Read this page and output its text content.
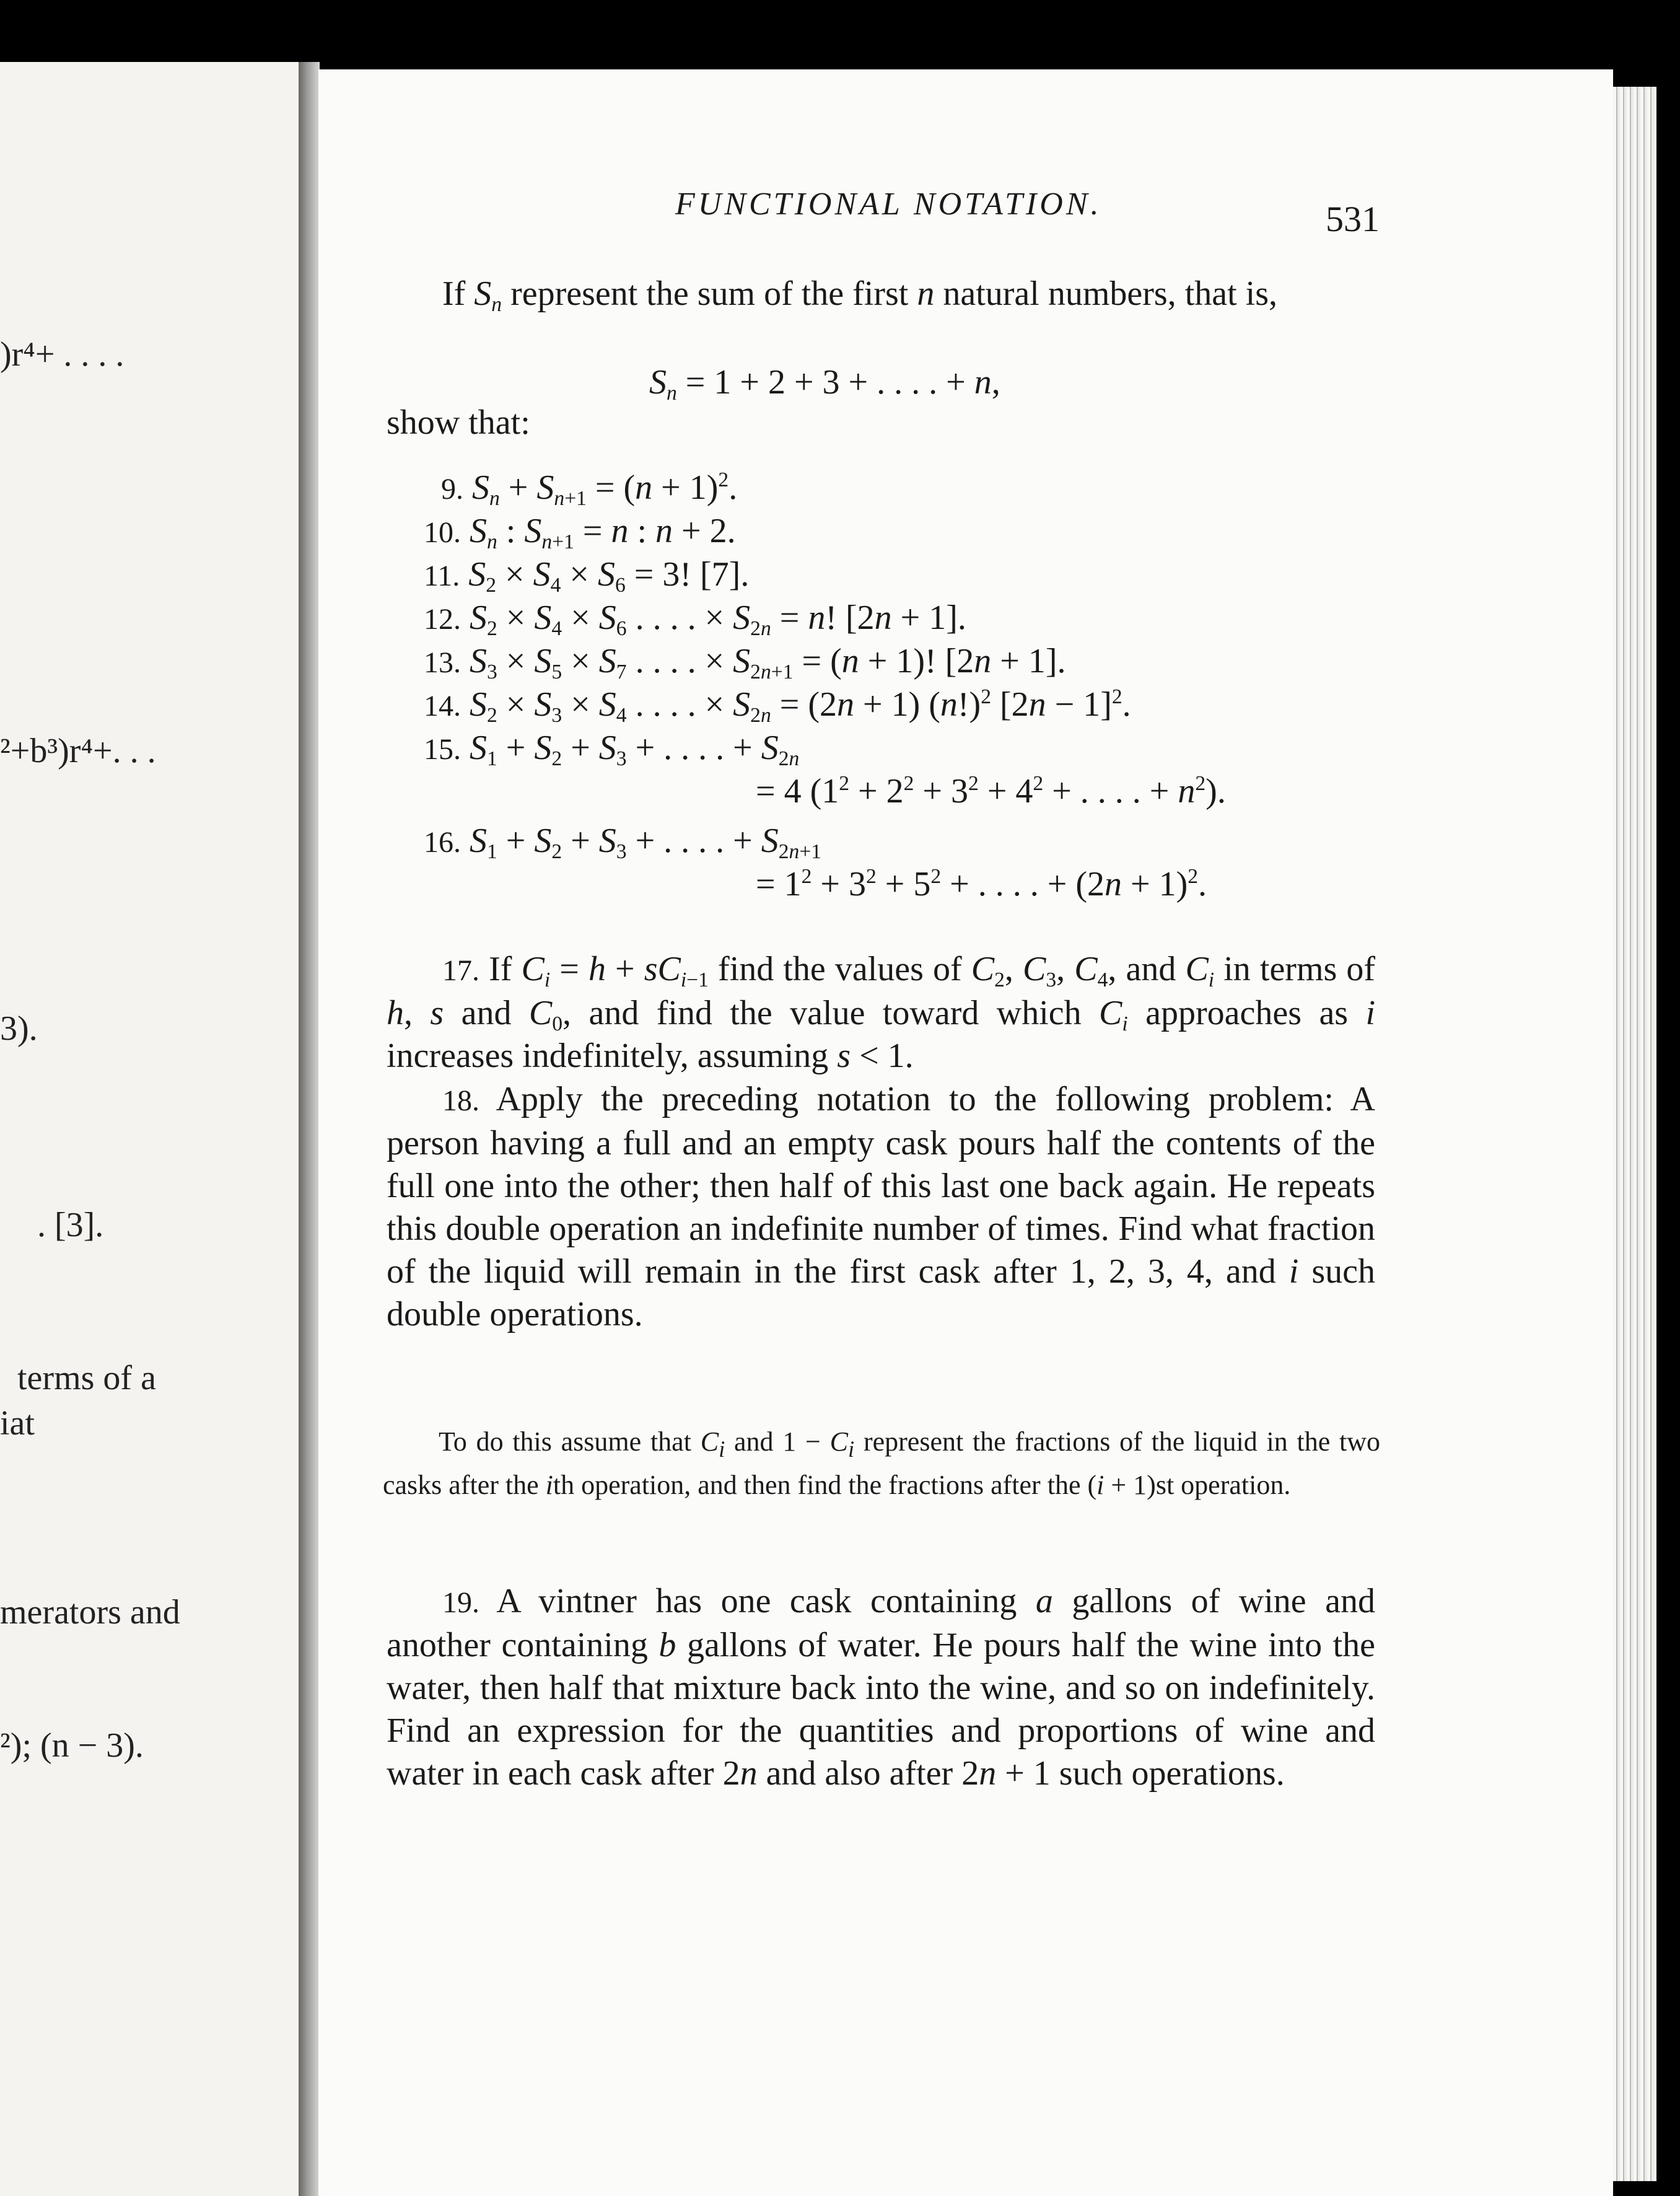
)r⁴+ . . . .
²+b³)r⁴+. . .
3).
. [3].
terms of a
iat
merators and
²); (n − 3).
FUNCTIONAL NOTATION.	531
If $S_n$ represent the sum of the first n natural numbers, that is,
$S_n = 1 + 2 + 3$ + . . . . + n,
show that:
9. $S_n + S_{n+1} = (n + 1)^2$.
10. $S_n$ : $S_{n+1} = n$ : n + 2.
11. $S_2 \times S_4 \times S_6 = 3$! [7].
12. $S_2 \times S_4 \times S_6$ . . . . × $S_{2n} = n$! [2n + 1].
13. $S_3 \times S_5 \times S_7$ . . . . × $S_{2n+1} = (n + 1)$! [2n + 1].
14. $S_2 \times S_3 \times S_4$ . . . . × $S_{2n} = (2n + 1)$ $(n!)^2$ $[2n - 1]^2$.
15. $S_1 + S_2 + S_3$ + . . . . + $S_{2n}$
= 4 ($1^2 + 2^2 + 3^2 + 4^2$ + . . . . + $n^2$).
16. $S_1 + S_2 + S_3$ + . . . . + $S_{2n+1}$
= $1^2 + 3^2 + 5^2$ + . . . . + $(2n + 1)^2$.
17. If $C_i = h + sC_{i-1}$ find the values of $C_2$, $C_3$, $C_4$, and $C_i$ in terms of h, s and $C_0$, and find the value toward which $C_i$ approaches as i increases indefinitely, assuming s < 1.
18. Apply the preceding notation to the following problem: A person having a full and an empty cask pours half the contents of the full one into the other; then half of this last one back again. He repeats this double operation an indefinite number of times. Find what fraction of the liquid will remain in the first cask after 1, 2, 3, 4, and i such double operations.
To do this assume that $C_i$ and $1 - C_i$ represent the fractions of the liquid in the two casks after the ith operation, and then find the fractions after the (i + 1)st operation.
19. A vintner has one cask containing a gallons of wine and another containing b gallons of water. He pours half the wine into the water, then half that mixture back into the wine, and so on indefinitely. Find an expression for the quantities and proportions of wine and water in each cask after 2n and also after 2n + 1 such operations.
